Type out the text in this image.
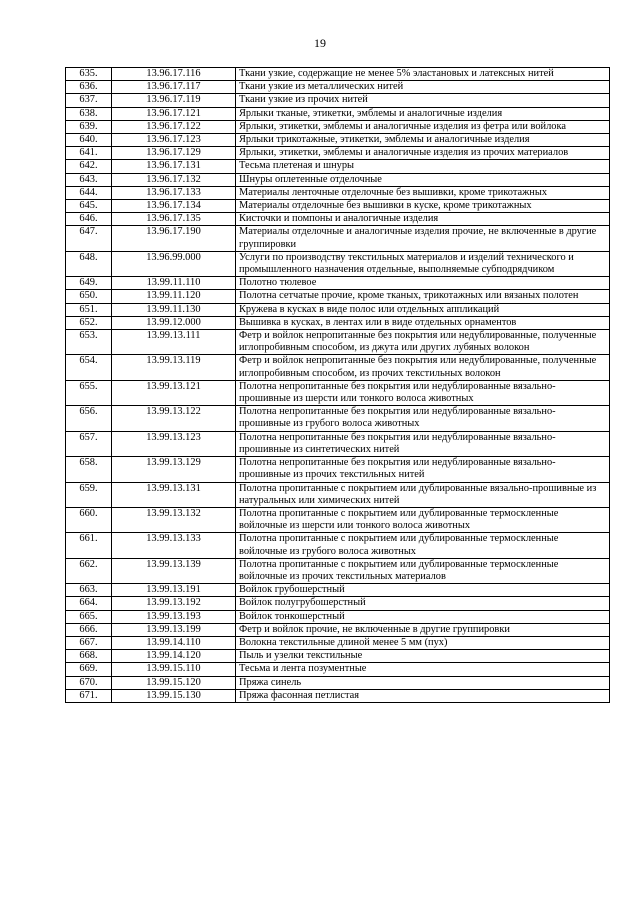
19
635.	13.96.17.116	Ткани узкие, содержащие не менее 5% эластановых и латексных нитей
636.	13.96.17.117	Ткани узкие из металлических нитей
637.	13.96.17.119	Ткани узкие из прочих нитей
638.	13.96.17.121	Ярлыки тканые, этикетки, эмблемы и аналогичные изделия
639.	13.96.17.122	Ярлыки, этикетки, эмблемы и аналогичные изделия из фетра или войлока
640.	13.96.17.123	Ярлыки трикотажные, этикетки, эмблемы и аналогичные изделия
641.	13.96.17.129	Ярлыки, этикетки, эмблемы и аналогичные изделия из прочих материалов
642.	13.96.17.131	Тесьма плетеная и шнуры
643.	13.96.17.132	Шнуры оплетенные отделочные
644.	13.96.17.133	Материалы ленточные отделочные без вышивки, кроме трикотажных
645.	13.96.17.134	Материалы отделочные без вышивки в куске, кроме трикотажных
646.	13.96.17.135	Кисточки и помпоны и аналогичные изделия
647.	13.96.17.190	Материалы отделочные и аналогичные изделия прочие, не включенные в другие группировки
648.	13.96.99.000	Услуги по производству текстильных материалов и изделий технического и промышленного назначения отдельные, выполняемые субподрядчиком
649.	13.99.11.110	Полотно тюлевое
650.	13.99.11.120	Полотна сетчатые прочие, кроме тканых, трикотажных или вязаных полотен
651.	13.99.11.130	Кружева в кусках в виде полос или отдельных аппликаций
652.	13.99.12.000	Вышивка в кусках, в лентах или в виде отдельных орнаментов
653.	13.99.13.111	Фетр и войлок непропитанные без покрытия или недублированные, полученные иглопробивным способом, из джута или других лубяных волокон
654.	13.99.13.119	Фетр и войлок непропитанные без покрытия или недублированные, полученные иглопробивным способом, из прочих текстильных волокон
655.	13.99.13.121	Полотна непропитанные без покрытия или недублированные вязально-прошивные из шерсти или тонкого волоса животных
656.	13.99.13.122	Полотна непропитанные без покрытия или недублированные вязально-прошивные из грубого волоса животных
657.	13.99.13.123	Полотна непропитанные без покрытия или недублированные вязально-прошивные из синтетических нитей
658.	13.99.13.129	Полотна непропитанные без покрытия или недублированные вязально-прошивные из прочих текстильных нитей
659.	13.99.13.131	Полотна пропитанные с покрытием или дублированные вязально-прошивные из натуральных или химических нитей
660.	13.99.13.132	Полотна пропитанные с покрытием или дублированные термоскленные войлочные из шерсти или тонкого волоса животных
661.	13.99.13.133	Полотна пропитанные с покрытием или дублированные термоскленные войлочные из грубого волоса животных
662.	13.99.13.139	Полотна пропитанные с покрытием или дублированные термоскленные войлочные из прочих текстильных материалов
663.	13.99.13.191	Войлок грубошерстный
664.	13.99.13.192	Войлок полугрубошерстный
665.	13.99.13.193	Войлок тонкошерстный
666.	13.99.13.199	Фетр и войлок прочие, не включенные в другие группировки
667.	13.99.14.110	Волокна текстильные длиной менее 5 мм (пух)
668.	13.99.14.120	Пыль и узелки текстильные
669.	13.99.15.110	Тесьма и лента позументные
670.	13.99.15.120	Пряжа синель
671.	13.99.15.130	Пряжа фасонная петлистая
